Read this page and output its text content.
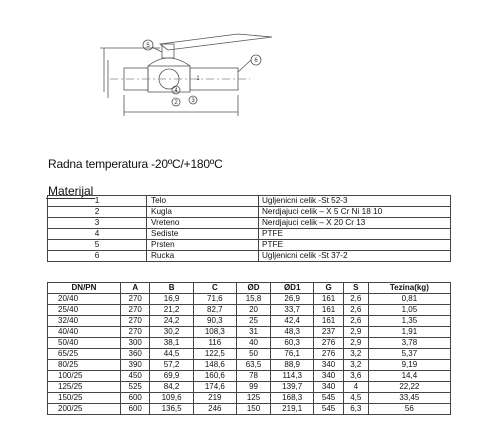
5
6
4
3
2
1
Radna temperatura -20ºC/+180ºC
Materijal
1	Telo	Ugljenicni celik -St 52-3
2	Kugla	Nerdjajuci celik – X 5 Cr Ni 18 10
3	Vreteno	Nerdjajuci celik – X 20 Cr 13
4	Sediste	PTFE
5	Prsten	PTFE
6	Rucka	Ugljenicni celik -St 37-2
DN/PN	A	B	C	ØD	ØD1	G	S	Tezina(kg)
20/40	270	16,9	71,6	15,8	26,9	161	2,6	0,81
25/40	270	21,2	82,7	20	33,7	161	2,6	1,05
32/40	270	24,2	90,3	25	42,4	161	2,6	1,35
40/40	270	30,2	108,3	31	48,3	237	2,9	1,91
50/40	300	38,1	116	40	60,3	276	2,9	3,78
65/25	360	44,5	122,5	50	76,1	276	3,2	5,37
80/25	390	57,2	148,6	63,5	88,9	340	3,2	9,19
100/25	450	69,9	160,6	78	114,3	340	3,6	14,4
125/25	525	84,2	174,6	99	139,7	340	4	22,22
150/25	600	109,6	219	125	168,3	545	4,5	33,45
200/25	600	136,5	246	150	219,1	545	6,3	56
